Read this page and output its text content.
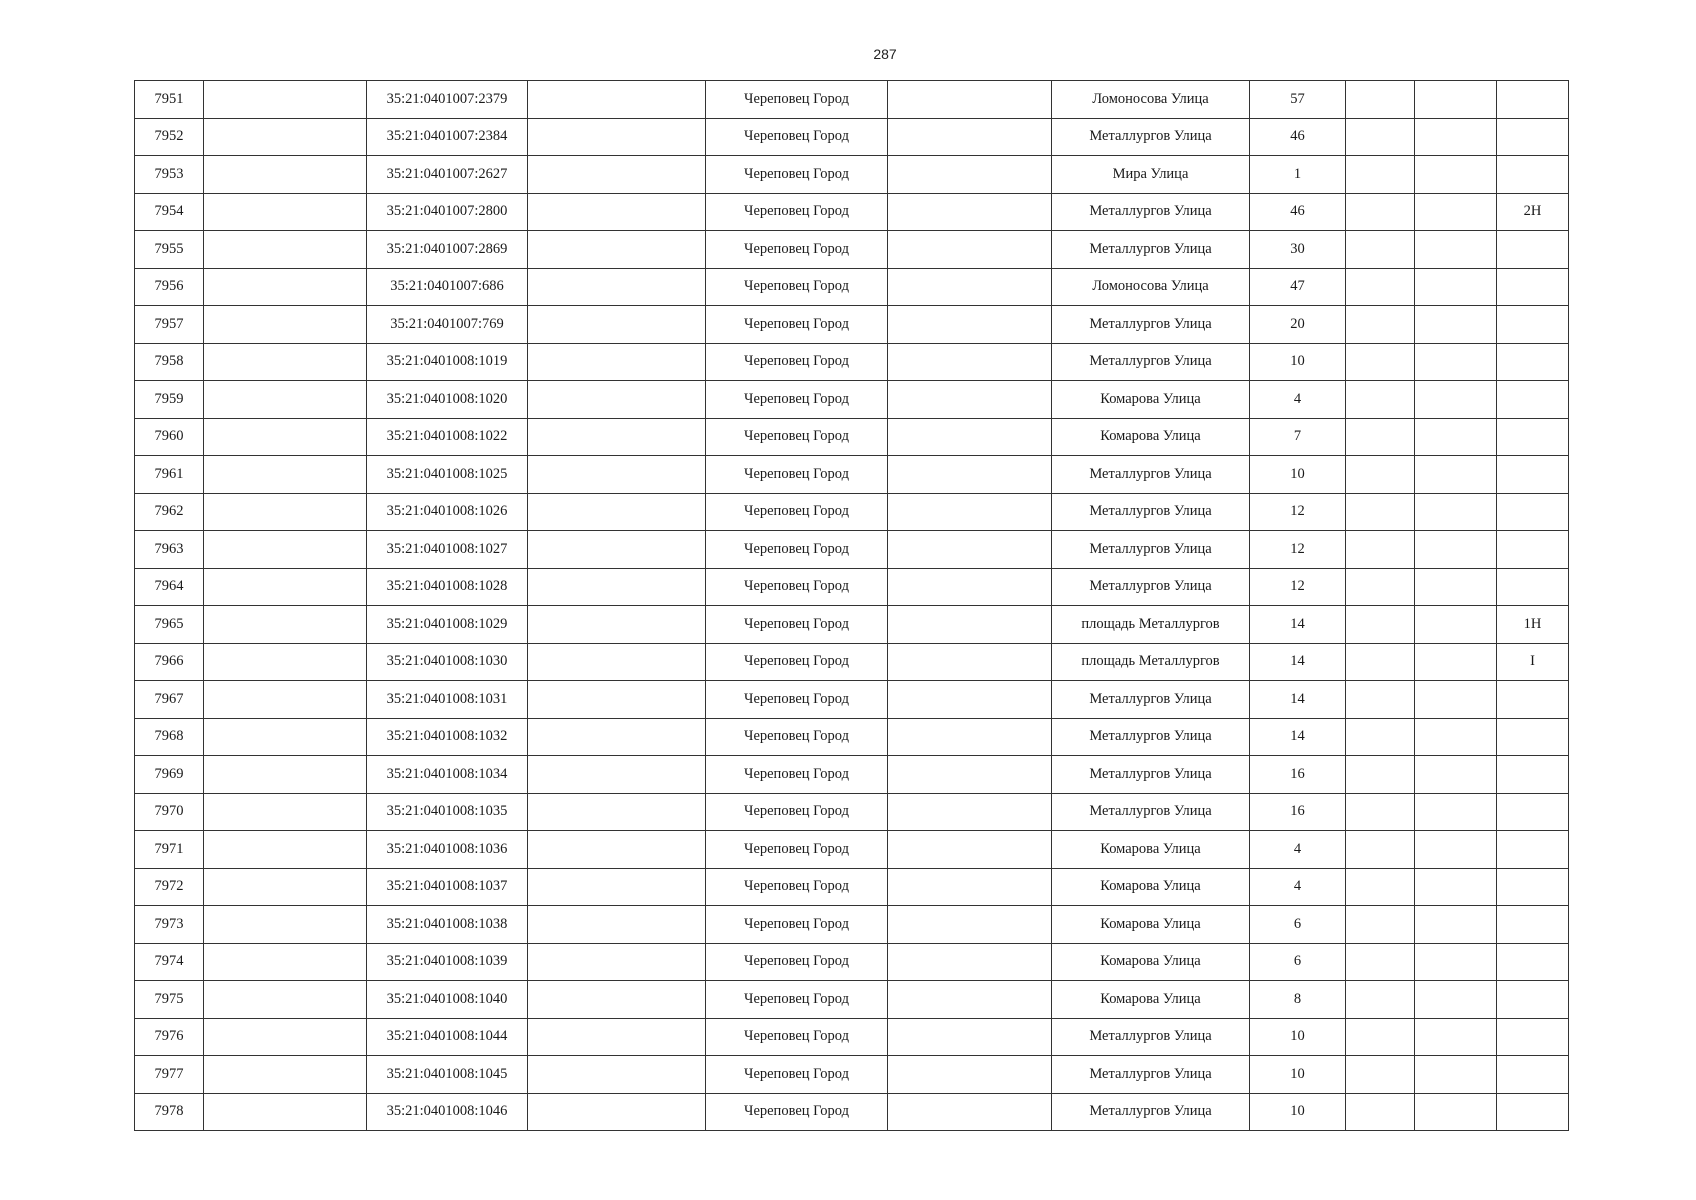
287
7951		35:21:0401007:2379		Череповец Город		Ломоносова Улица	57			
7952		35:21:0401007:2384		Череповец Город		Металлургов Улица	46			
7953		35:21:0401007:2627		Череповец Город		Мира Улица	1			
7954		35:21:0401007:2800		Череповец Город		Металлургов Улица	46			2Н
7955		35:21:0401007:2869		Череповец Город		Металлургов Улица	30			
7956		35:21:0401007:686		Череповец Город		Ломоносова Улица	47			
7957		35:21:0401007:769		Череповец Город		Металлургов Улица	20			
7958		35:21:0401008:1019		Череповец Город		Металлургов Улица	10			
7959		35:21:0401008:1020		Череповец Город		Комарова Улица	4			
7960		35:21:0401008:1022		Череповец Город		Комарова Улица	7			
7961		35:21:0401008:1025		Череповец Город		Металлургов Улица	10			
7962		35:21:0401008:1026		Череповец Город		Металлургов Улица	12			
7963		35:21:0401008:1027		Череповец Город		Металлургов Улица	12			
7964		35:21:0401008:1028		Череповец Город		Металлургов Улица	12			
7965		35:21:0401008:1029		Череповец Город		площадь Металлургов	14			1Н
7966		35:21:0401008:1030		Череповец Город		площадь Металлургов	14			I
7967		35:21:0401008:1031		Череповец Город		Металлургов Улица	14			
7968		35:21:0401008:1032		Череповец Город		Металлургов Улица	14			
7969		35:21:0401008:1034		Череповец Город		Металлургов Улица	16			
7970		35:21:0401008:1035		Череповец Город		Металлургов Улица	16			
7971		35:21:0401008:1036		Череповец Город		Комарова Улица	4			
7972		35:21:0401008:1037		Череповец Город		Комарова Улица	4			
7973		35:21:0401008:1038		Череповец Город		Комарова Улица	6			
7974		35:21:0401008:1039		Череповец Город		Комарова Улица	6			
7975		35:21:0401008:1040		Череповец Город		Комарова Улица	8			
7976		35:21:0401008:1044		Череповец Город		Металлургов Улица	10			
7977		35:21:0401008:1045		Череповец Город		Металлургов Улица	10			
7978		35:21:0401008:1046		Череповец Город		Металлургов Улица	10			
